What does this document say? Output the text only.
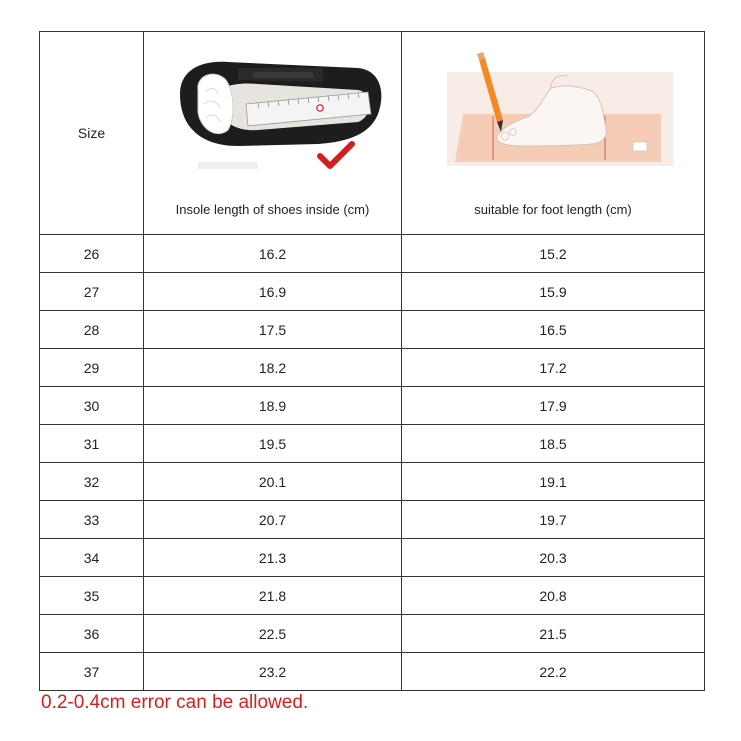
Size	Insole length of shoes inside (cm)	suitable for foot length (cm)

26	16.2	15.2
27	16.9	15.9
28	17.5	16.5
29	18.2	17.2
30	18.9	17.9
31	19.5	18.5
32	20.1	19.1
33	20.7	19.7
34	21.3	20.3
35	21.8	20.8
36	22.5	21.5
37	23.2	22.2
0.2-0.4cm error can be allowed.
